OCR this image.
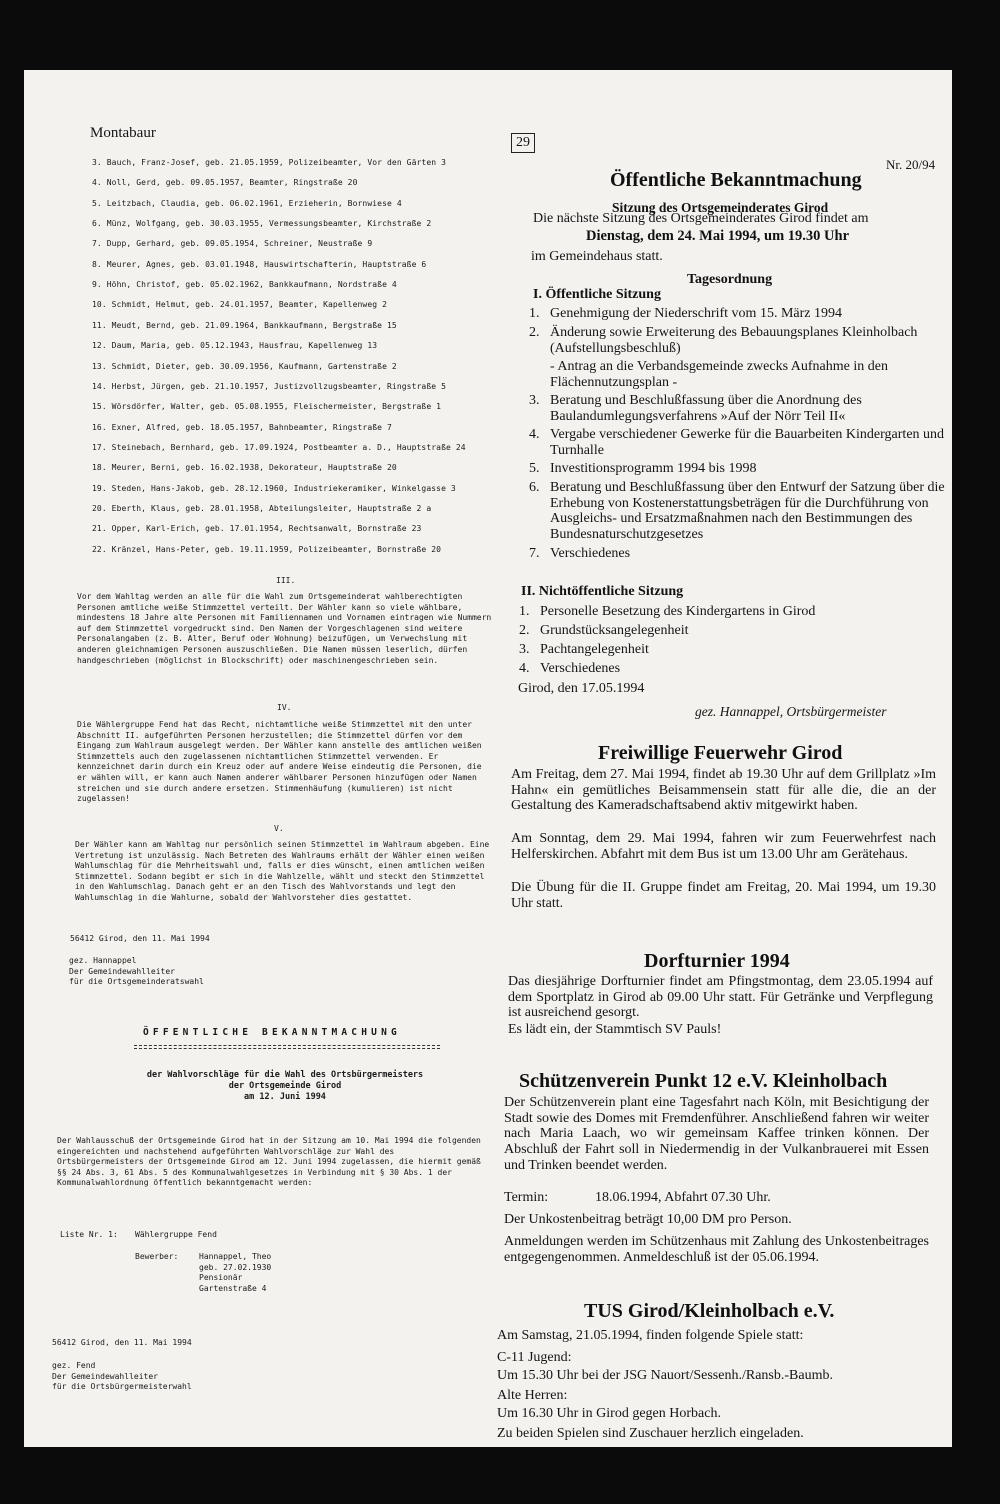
Montabaur
29
Nr. 20/94
3. Bauch, Franz-Josef, geb. 21.05.1959, Polizeibeamter, Vor den Gärten 3
4. Noll, Gerd, geb. 09.05.1957, Beamter, Ringstraße 20
5. Leitzbach, Claudia, geb. 06.02.1961, Erzieherin, Bornwiese 4
6. Münz, Wolfgang, geb. 30.03.1955, Vermessungsbeamter, Kirchstraße 2
7. Dupp, Gerhard, geb. 09.05.1954, Schreiner, Neustraße 9
8. Meurer, Agnes, geb. 03.01.1948, Hauswirtschafterin, Hauptstraße 6
9. Höhn, Christof, geb. 05.02.1962, Bankkaufmann, Nordstraße 4
10. Schmidt, Helmut, geb. 24.01.1957, Beamter, Kapellenweg 2
11. Meudt, Bernd, geb. 21.09.1964, Bankkaufmann, Bergstraße 15
12. Daum, Maria, geb. 05.12.1943, Hausfrau, Kapellenweg 13
13. Schmidt, Dieter, geb. 30.09.1956, Kaufmann, Gartenstraße 2
14. Herbst, Jürgen, geb. 21.10.1957, Justizvollzugsbeamter, Ringstraße 5
15. Wörsdörfer, Walter, geb. 05.08.1955, Fleischermeister, Bergstraße 1
16. Exner, Alfred, geb. 18.05.1957, Bahnbeamter, Ringstraße 7
17. Steinebach, Bernhard, geb. 17.09.1924, Postbeamter a. D., Hauptstraße 24
18. Meurer, Berni, geb. 16.02.1938, Dekorateur, Hauptstraße 20
19. Steden, Hans-Jakob, geb. 28.12.1960, Industriekeramiker, Winkelgasse 3
20. Eberth, Klaus, geb. 28.01.1958, Abteilungsleiter, Hauptstraße 2 a
21. Opper, Karl-Erich, geb. 17.01.1954, Rechtsanwalt, Bornstraße 23
22. Kränzel, Hans-Peter, geb. 19.11.1959, Polizeibeamter, Bornstraße 20
III.
Vor dem Wahltag werden an alle für die Wahl zum Ortsgemeinderat wahlberechtigten Personen amtliche weiße Stimmzettel verteilt. Der Wähler kann so viele wählbare, mindestens 18 Jahre alte Personen mit Familiennamen und Vornamen eintragen wie Nummern auf dem Stimmzettel vorgedruckt sind. Den Namen der Vorgeschlagenen sind weitere Personalangaben (z. B. Alter, Beruf oder Wohnung) beizufügen, um Verwechslung mit anderen gleichnamigen Personen auszuschließen. Die Namen müssen leserlich, dürfen handgeschrieben (möglichst in Blockschrift) oder maschinengeschrieben sein.
IV.
Die Wählergruppe Fend hat das Recht, nichtamtliche weiße Stimmzettel mit den unter Abschnitt II. aufgeführten Personen herzustellen; die Stimmzettel dürfen vor dem Eingang zum Wahlraum ausgelegt werden. Der Wähler kann anstelle des amtlichen weißen Stimmzettels auch den zugelassenen nichtamtlichen Stimmzettel verwenden. Er kennzeichnet darin durch ein Kreuz oder auf andere Weise eindeutig die Personen, die er wählen will, er kann auch Namen anderer wählbarer Personen hinzufügen oder Namen streichen und sie durch andere ersetzen. Stimmenhäufung (kumulieren) ist nicht zugelassen!
V.
Der Wähler kann am Wahltag nur persönlich seinen Stimmzettel im Wahlraum abgeben. Eine Vertretung ist unzulässig. Nach Betreten des Wahlraums erhält der Wähler einen weißen Wahlumschlag für die Mehrheitswahl und, falls er dies wünscht, einen amtlichen weißen Stimmzettel. Sodann begibt er sich in die Wahlzelle, wählt und steckt den Stimmzettel in den Wahlumschlag. Danach geht er an den Tisch des Wahlvorstands und legt den Wahlumschlag in die Wahlurne, sobald der Wahlvorsteher dies gestattet.
56412 Girod, den 11. Mai 1994
gez. Hannappel
Der Gemeindewahlleiter
für die Ortsgemeinderatswahl
ÖFFENTLICHE BEKANNTMACHUNG
der Wahlvorschläge für die Wahl des Ortsbürgermeisters
der Ortsgemeinde Girod
am 12. Juni 1994
Der Wahlausschuß der Ortsgemeinde Girod hat in der Sitzung am 10. Mai 1994 die folgenden eingereichten und nachstehend aufgeführten Wahlvorschläge zur Wahl des Ortsbürgermeisters der Ortsgemeinde Girod am 12. Juni 1994 zugelassen, die hiermit gemäß §§ 24 Abs. 3, 61 Abs. 5 des Kommunalwahlgesetzes in Verbindung mit § 30 Abs. 1 der Kommunalwahlordnung öffentlich bekanntgemacht werden:
Liste Nr. 1: Wählergruppe Fend
Bewerber:	Hannappel, Theo
geb. 27.02.1930
Pensionär
Gartenstraße 4
56412 Girod, den 11. Mai 1994
gez. Fend
Der Gemeindewahlleiter
für die Ortsbürgermeisterwahl
Öffentliche Bekanntmachung
Sitzung des Ortsgemeinderates Girod
Die nächste Sitzung des Ortsgemeinderates Girod findet am
Dienstag, dem 24. Mai 1994, um 19.30 Uhr
im Gemeindehaus statt.
Tagesordnung
I. Öffentliche Sitzung
1. Genehmigung der Niederschrift vom 15. März 1994
2. Änderung sowie Erweiterung des Bebauungsplanes Kleinholbach (Aufstellungsbeschluß)
- Antrag an die Verbandsgemeinde zwecks Aufnahme in den Flächennutzungsplan -
3. Beratung und Beschlußfassung über die Anordnung des Baulandumlegungsverfahrens »Auf der Nörr Teil II«
4. Vergabe verschiedener Gewerke für die Bauarbeiten Kindergarten und Turnhalle
5. Investitionsprogramm 1994 bis 1998
6. Beratung und Beschlußfassung über den Entwurf der Satzung über die Erhebung von Kostenerstattungsbeträgen für die Durchführung von Ausgleichs- und Ersatzmaßnahmen nach den Bestimmungen des Bundesnaturschutzgesetzes
7. Verschiedenes
II. Nichtöffentliche Sitzung
1. Personelle Besetzung des Kindergartens in Girod
2. Grundstücksangelegenheit
3. Pachtangelegenheit
4. Verschiedenes
Girod, den 17.05.1994
gez. Hannappel, Ortsbürgermeister
Freiwillige Feuerwehr Girod
Am Freitag, dem 27. Mai 1994, findet ab 19.30 Uhr auf dem Grillplatz »Im Hahn« ein gemütliches Beisammensein statt für alle die, die an der Gestaltung des Kameradschaftsabend aktiv mitgewirkt haben.
Am Sonntag, dem 29. Mai 1994, fahren wir zum Feuerwehrfest nach Helferskirchen. Abfahrt mit dem Bus ist um 13.00 Uhr am Gerätehaus.
Die Übung für die II. Gruppe findet am Freitag, 20. Mai 1994, um 19.30 Uhr statt.
Dorfturnier 1994
Das diesjährige Dorfturnier findet am Pfingstmontag, dem 23.05.1994 auf dem Sportplatz in Girod ab 09.00 Uhr statt. Für Getränke und Verpflegung ist ausreichend gesorgt.
Es lädt ein, der Stammtisch SV Pauls!
Schützenverein Punkt 12 e.V. Kleinholbach
Der Schützenverein plant eine Tagesfahrt nach Köln, mit Besichtigung der Stadt sowie des Domes mit Fremdenführer. Anschließend fahren wir weiter nach Maria Laach, wo wir gemeinsam Kaffee trinken können. Der Abschluß der Fahrt soll in Niedermendig in der Vulkanbrauerei mit Essen und Trinken beendet werden.
Termin:	18.06.1994, Abfahrt 07.30 Uhr.
Der Unkostenbeitrag beträgt 10,00 DM pro Person.
Anmeldungen werden im Schützenhaus mit Zahlung des Unkostenbeitrages entgegengenommen. Anmeldeschluß ist der 05.06.1994.
TUS Girod/Kleinholbach e.V.
Am Samstag, 21.05.1994, finden folgende Spiele statt:
C-11 Jugend:
Um 15.30 Uhr bei der JSG Nauort/Sessenh./Ransb.-Baumb.
Alte Herren:
Um 16.30 Uhr in Girod gegen Horbach.
Zu beiden Spielen sind Zuschauer herzlich eingeladen.
